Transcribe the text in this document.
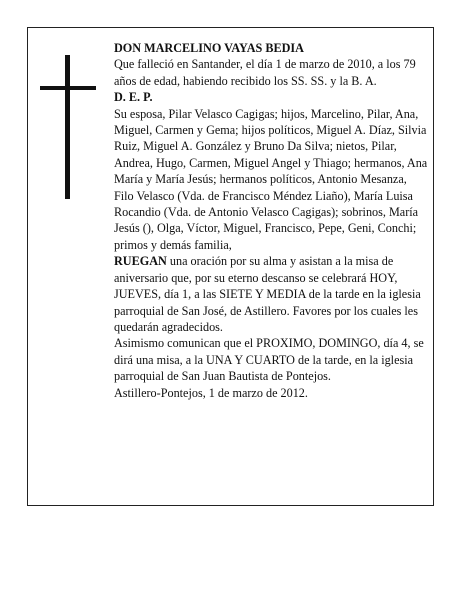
DON MARCELINO VAYAS BEDIA

Que falleció en Santander, el día 1 de marzo de 2010, a los 79 años de edad, habiendo recibido los SS. SS. y la B. A.

D. E. P.

Su esposa, Pilar Velasco Cagigas; hijos, Marcelino, Pilar, Ana, Miguel, Carmen y Gema; hijos políticos, Miguel A. Díaz, Silvia Ruiz, Miguel A. González y Bruno Da Silva; nietos, Pilar, Andrea, Hugo, Carmen, Miguel Angel y Thiago; hermanos, Ana María y María Jesús; hermanos políticos, Antonio Mesanza, Filo Velasco (Vda. de Francisco Méndez Liaño), María Luisa Rocandio (Vda. de Antonio Velasco Cagigas); sobrinos, María Jesús (), Olga, Víctor, Miguel, Francisco, Pepe, Geni, Conchi; primos y demás familia,

RUEGAN una oración por su alma y asistan a la misa de aniversario que, por su eterno descanso se celebrará HOY, JUEVES, día 1, a las SIETE Y MEDIA de la tarde en la iglesia parroquial de San José, de Astillero. Favores por los cuales les quedarán agradecidos.

Asimismo comunican que el PROXIMO, DOMINGO, día 4, se dirá una misa, a la UNA Y CUARTO de la tarde, en la iglesia parroquial de San Juan Bautista de Pontejos.

Astillero-Pontejos, 1 de marzo de 2012.
